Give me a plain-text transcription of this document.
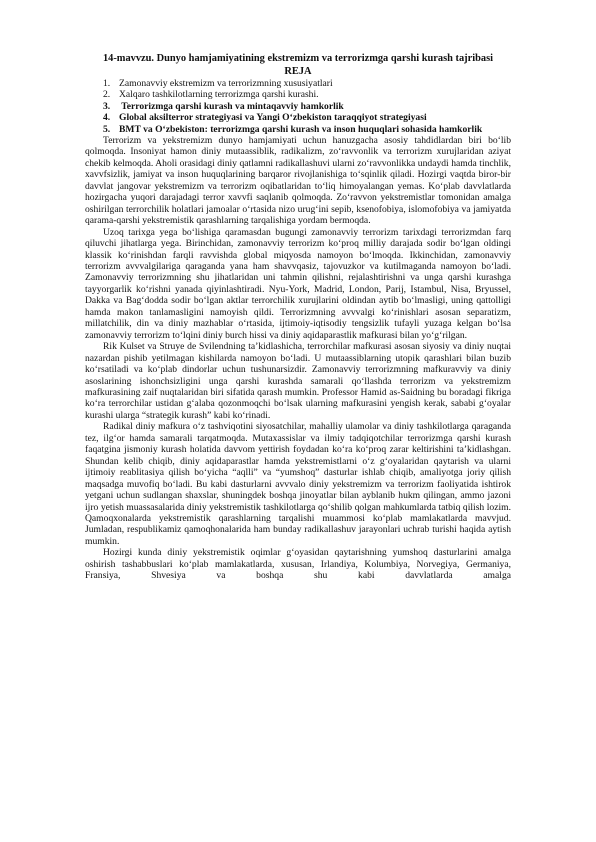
14-mavvzu. Dunyo hamjamiyatining ekstremizm va terrorizmga qarshi kurash tajribasi
REJA
1. Zamonavviy ekstremizm va terrorizmning xususiyatlari
2. Xalqaro tashkilotlarning terrorizmga qarshi kurashi.
3. Terrorizmga qarshi kurash va mintaqavviy hamkorlik
4. Global aksilterror strategiyasi va Yangi O‘zbekiston taraqqiyot strategiyasi
5. BMT va O‘zbekiston: terrorizmga qarshi kurash va inson huquqlari sohasida hamkorlik

Terrorizm va yekstremizm dunyo hamjamiyati uchun hanuzgacha asosiy tahdidlardan biri bo‘lib qolmoqda. Insoniyat hamon diniy mutaassiblik, radikalizm, zo‘ravvonlik va terrorizm xurujlaridan aziyat chekib kelmoqda. Aholi orasidagi diniy qatlamni radikallashuvi ularni zo‘ravvonlikka undaydi hamda tinchlik, xavvfsizlik, jamiyat va inson huquqlarining barqaror rivojlanishiga to‘sqinlik qiladi. Hozirgi vaqtda biror-bir davvlat jangovar yekstremizm va terrorizm oqibatlaridan to‘liq himoyalangan yemas. Ko‘plab davvlatlarda hozirgacha yuqori darajadagi terror xavvfi saqlanib qolmoqda. Zo‘ravvon yekstremistlar tomonidan amalga oshirilgan terrorchilik holatlari jamoalar o‘rtasida nizo urug‘ini sepib, ksenofobiya, islomofobiya va jamiyatda qarama-qarshi yekstremistik qarashlarning tarqalishiga yordam bermoqda.

Uzoq tarixga yega bo‘lishiga qaramasdan bugungi zamonavviy terrorizm tarixdagi terrorizmdan farq qiluvchi jihatlarga yega. Birinchidan, zamonavviy terrorizm ko‘proq milliy darajada sodir bo‘lgan oldingi klassik ko‘rinishdan farqli ravvishda global miqyosda namoyon bo‘lmoqda. Ikkinchidan, zamonavviy terrorizm avvvalgilariga qaraganda yana ham shavvqasiz, tajovuzkor va kutilmaganda namoyon bo‘ladi. Zamonavviy terrorizmning shu jihatlaridan uni tahmin qilishni, rejalashtirishni va unga qarshi kurashga tayyorgarlik ko‘rishni yanada qiyinlashtiradi. Nyu-York, Madrid, London, Parij, Istambul, Nisa, Bryussel, Dakka va Bag‘dodda sodir bo‘lgan aktlar terrorchilik xurujlarini oldindan aytib bo‘lmasligi, uning qattolligi hamda makon tanlamasligini namoyish qildi. Terrorizmning avvvalgi ko‘rinishlari asosan separatizm, millatchilik, din va diniy mazhablar o‘rtasida, ijtimoiy-iqtisodiy tengsizlik tufayli yuzaga kelgan bo‘lsa zamonavviy terrorizm to‘lqini diniy burch hissi va diniy aqidaparastlik mafkurasi bilan yo‘g‘rilgan.

Rik Kulset va Struye de Svilendning ta’kidlashicha, terrorchilar mafkurasi asosan siyosiy va diniy nuqtai nazardan pishib yetilmagan kishilarda namoyon bo‘ladi. U mutaassiblarning utopik qarashlari bilan buzib ko‘rsatiladi va ko‘plab dindorlar uchun tushunarsizdir. Zamonavviy terrorizmning mafkuravviy va diniy asoslarining ishonchsizligini unga qarshi kurashda samarali qo‘llashda terrorizm va yekstremizm mafkurasining zaif nuqtalaridan biri sifatida qarash mumkin. Professor Hamid as-Saidning bu boradagi fikriga ko‘ra terrorchilar ustidan g‘alaba qozonmoqchi bo‘lsak ularning mafkurasini yengish kerak, sababi g‘oyalar kurashi ularga “strategik kurash” kabi ko‘rinadi.

Radikal diniy mafkura o‘z tashviqotini siyosatchilar, mahalliy ulamolar va diniy tashkilotlarga qaraganda tez, ilg‘or hamda samarali tarqatmoqda. Mutaxassislar va ilmiy tadqiqotchilar terrorizmga qarshi kurash faqatgina jismoniy kurash holatida davvom yettirish foydadan ko‘ra ko‘proq zarar keltirishini ta’kidlashgan. Shundan kelib chiqib, diniy aqidaparastlar hamda yekstremistlarni o‘z g‘oyalaridan qaytarish va ularni ijtimoiy reablitasiya qilish bo‘yicha “aqlli” va “yumshoq” dasturlar ishlab chiqib, amaliyotga joriy qilish maqsadga muvofiq bo‘ladi. Bu kabi dasturlarni avvvalo diniy yekstremizm va terrorizm faoliyatida ishtirok yetgani uchun sudlangan shaxslar, shuningdek boshqa jinoyatlar bilan ayblanib hukm qilingan, ammo jazoni ijro yetish muassasalarida diniy yekstremistik tashkilotlarga qo‘shilib qolgan mahkumlarda tatbiq qilish lozim. Qamoqxonalarda yekstremistik qarashlarning tarqalishi muammosi ko‘plab mamlakatlarda mavvjud. Jumladan, respublikamiz qamoqhonalarida ham bunday radikallashuv jarayonlari uchrab turishi haqida aytish mumkin.

Hozirgi kunda diniy yekstremistik oqimlar g‘oyasidan qaytarishning yumshoq dasturlarini amalga oshirish tashabbuslari ko‘plab mamlakatlarda, xususan, Irlandiya, Kolumbiya, Norvegiya, Germaniya, Fransiya, Shvesiya va boshqa shu kabi davvlatlarda amalga
